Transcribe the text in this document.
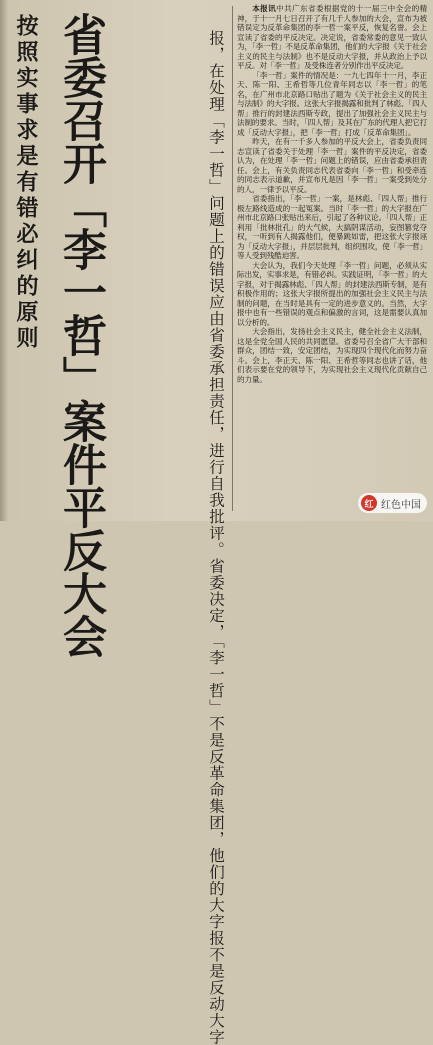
按照实事求是有错必纠的原则 省委召开「李一哲」案件平反大会	报，在处理「李一哲」问题上的错误应由省委承担责任，进行自我批评。省委决定，「李一哲」不是反革命集团，他们的大字报不是反动大字

本报讯中共广东省委根据党的十一届三中全会的精神，于十一月七日召开了有几千人参加的大会，宣布为被错误定为反革命集团的李一哲一案平反，恢复名誉。会上宣读了省委的平反决定。决定说，省委常委的意见一致认为，「李一哲」不是反革命集团，他们的大字报《关于社会主义的民主与法制》也不是反动大字报，并从政治上予以平反。对「李一哲」及受株连者分别作出平反决定。

「李一哲」案件的情况是：一九七四年十一月，李正天、陈一阳、王希哲等几位青年同志以「李一哲」的笔名，在广州市北京路口贴出了题为《关于社会主义的民主与法制》的大字报。这张大字报揭露和批判了林彪、「四人帮」推行的封建法西斯专政，提出了加强社会主义民主与法制的要求。当时，「四人帮」及其在广东的代理人把它打成「反动大字报」，把「李一哲」打成「反革命集团」。

昨天，在有一千多人参加的平反大会上，省委负责同志宣读了省委关于处理「李一哲」案件的平反决定，省委认为，在处理「李一哲」问题上的错误，应由省委承担责任。会上，有关负责同志代表省委向「李一哲」和受牵连的同志表示道歉，并宣布凡是因「李一哲」一案受到处分的人，一律予以平反。

省委指出，「李一哲」一案，是林彪、「四人帮」推行极左路线造成的一起冤案。当时「李一哲」的大字报在广州市北京路口张贴出来后，引起了各种议论。「四人帮」正利用「批林批孔」的大气候，大搞阴谋活动，妄图篡党夺权，一听到有人揭露他们，便暴跳如雷，把这张大字报诬为「反动大字报」，并层层批判，组织围攻，使「李一哲」等人受到残酷迫害。

大会认为，我们今天处理「李一哲」问题，必须从实际出发，实事求是，有错必纠。实践证明，「李一哲」的大字报，对于揭露林彪、「四人帮」的封建法西斯专制，是有积极作用的；这张大字报所提出的加强社会主义民主与法制的问题，在当时是具有一定的进步意义的。当然，大字报中也有一些错误的观点和偏激的言词，这是需要认真加以分析的。

大会指出，发扬社会主义民主，健全社会主义法制，这是全党全国人民的共同愿望。省委号召全省广大干部和群众，团结一致，安定团结，为实现四个现代化而努力奋斗。会上，李正天、陈一阳、王希哲等同志也讲了话，他们表示要在党的领导下，为实现社会主义现代化贡献自己的力量。

红 红色中国
